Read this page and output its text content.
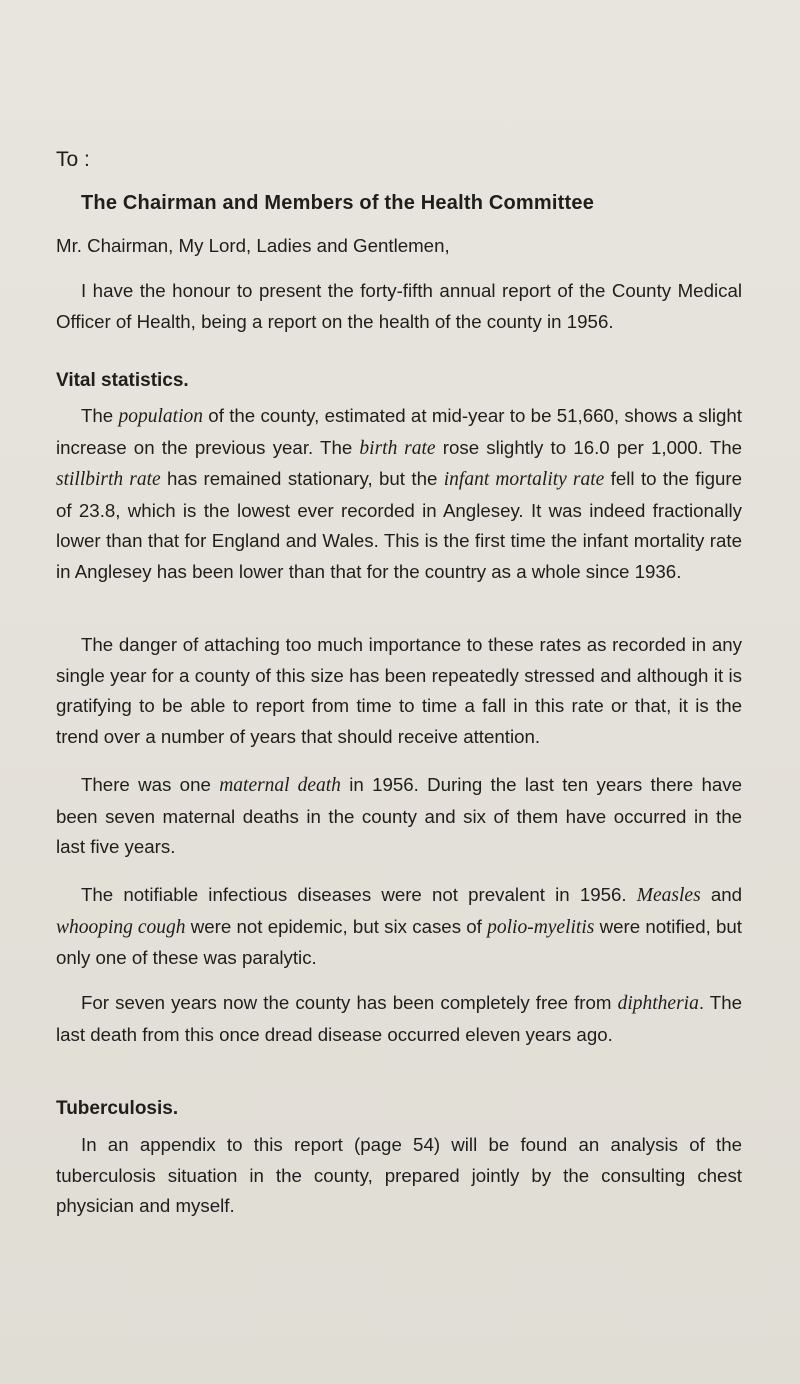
To :
The Chairman and Members of the Health Committee

Mr. Chairman, My Lord, Ladies and Gentlemen,

I have the honour to present the forty-fifth annual report of the County Medical Officer of Health, being a report on the health of the county in 1956.

Vital statistics.

The population of the county, estimated at mid-year to be 51,660, shows a slight increase on the previous year. The birth rate rose slightly to 16.0 per 1,000. The stillbirth rate has remained stationary, but the infant mortality rate fell to the figure of 23.8, which is the lowest ever recorded in Anglesey. It was indeed fractionally lower than that for England and Wales. This is the first time the infant mortality rate in Anglesey has been lower than that for the country as a whole since 1936.

The danger of attaching too much importance to these rates as recorded in any single year for a county of this size has been repeatedly stressed and although it is gratifying to be able to report from time to time a fall in this rate or that, it is the trend over a number of years that should receive attention.

There was one maternal death in 1956. During the last ten years there have been seven maternal deaths in the county and six of them have occurred in the last five years.

The notifiable infectious diseases were not prevalent in 1956. Measles and whooping cough were not epidemic, but six cases of polio-myelitis were notified, but only one of these was paralytic.

For seven years now the county has been completely free from diphtheria. The last death from this once dread disease occurred eleven years ago.

Tuberculosis.

In an appendix to this report (page 54) will be found an analysis of the tuberculosis situation in the county, prepared jointly by the consulting chest physician and myself.
